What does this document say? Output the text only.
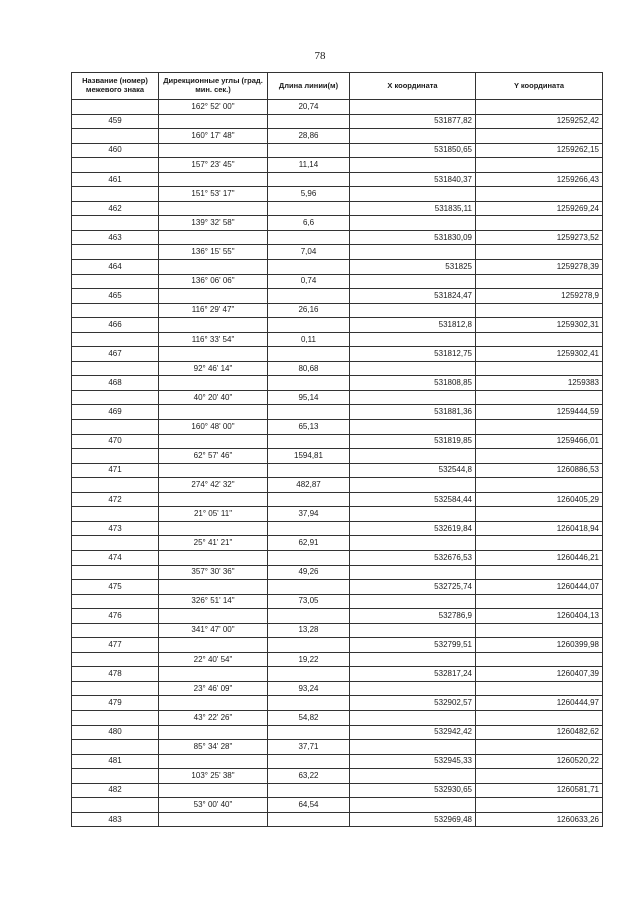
78
Название (номер) межевого знака	Дирекционные углы (град. мин. сек.)	Длина линии(м)	X координата	Y координата
	162° 52' 00"	20,74		
459			531877,82	1259252,42
	160° 17' 48"	28,86		
460			531850,65	1259262,15
	157° 23' 45"	11,14		
461			531840,37	1259266,43
	151° 53' 17"	5,96		
462			531835,11	1259269,24
	139° 32' 58"	6,6		
463			531830,09	1259273,52
	136° 15' 55"	7,04		
464			531825	1259278,39
	136° 06' 06"	0,74		
465			531824,47	1259278,9
	116° 29' 47"	26,16		
466			531812,8	1259302,31
	116° 33' 54"	0,11		
467			531812,75	1259302,41
	92° 46' 14"	80,68		
468			531808,85	1259383
	40° 20' 40"	95,14		
469			531881,36	1259444,59
	160° 48' 00"	65,13		
470			531819,85	1259466,01
	62° 57' 46"	1594,81		
471			532544,8	1260886,53
	274° 42' 32"	482,87		
472			532584,44	1260405,29
	21° 05' 11"	37,94		
473			532619,84	1260418,94
	25° 41' 21"	62,91		
474			532676,53	1260446,21
	357° 30' 36"	49,26		
475			532725,74	1260444,07
	326° 51' 14"	73,05		
476			532786,9	1260404,13
	341° 47' 00"	13,28		
477			532799,51	1260399,98
	22° 40' 54"	19,22		
478			532817,24	1260407,39
	23° 46' 09"	93,24		
479			532902,57	1260444,97
	43° 22' 26"	54,82		
480			532942,42	1260482,62
	85° 34' 28"	37,71		
481			532945,33	1260520,22
	103° 25' 38"	63,22		
482			532930,65	1260581,71
	53° 00' 40"	64,54		
483			532969,48	1260633,26
